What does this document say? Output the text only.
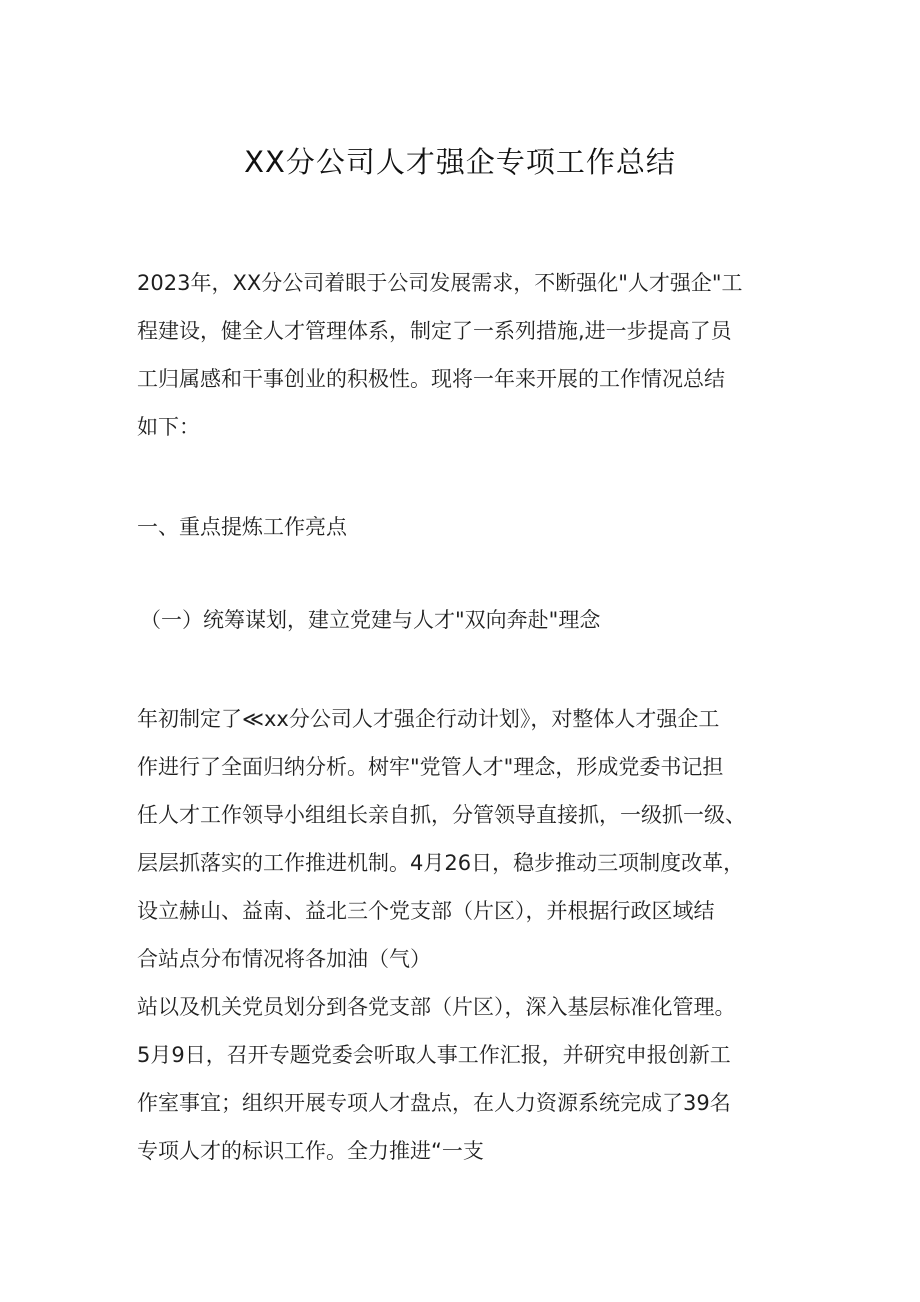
XX分公司人才强企专项工作总结
2023年，XX分公司着眼于公司发展需求，不断强化"人才强企"工
程建设，健全人才管理体系，制定了一系列措施,进一步提高了员
工归属感和干事创业的积极性。现将一年来开展的工作情况总结
如下：
一、重点提炼工作亮点
（一）统筹谋划，建立党建与人才"双向奔赴"理念
年初制定了≪xx分公司人才强企行动计划》，对整体人才强企工
作进行了全面归纳分析。树牢"党管人才"理念，形成党委书记担
任人才工作领导小组组长亲自抓，分管领导直接抓，一级抓一级、
层层抓落实的工作推进机制。4月26日，稳步推动三项制度改革，
设立赫山、益南、益北三个党支部（片区），并根据行政区域结
合站点分布情况将各加油（气）
站以及机关党员划分到各党支部（片区），深入基层标准化管理。
5月9日，召开专题党委会听取人事工作汇报，并研究申报创新工
作室事宜；组织开展专项人才盘点，在人力资源系统完成了39名
专项人才的标识工作。全力推进“一支
